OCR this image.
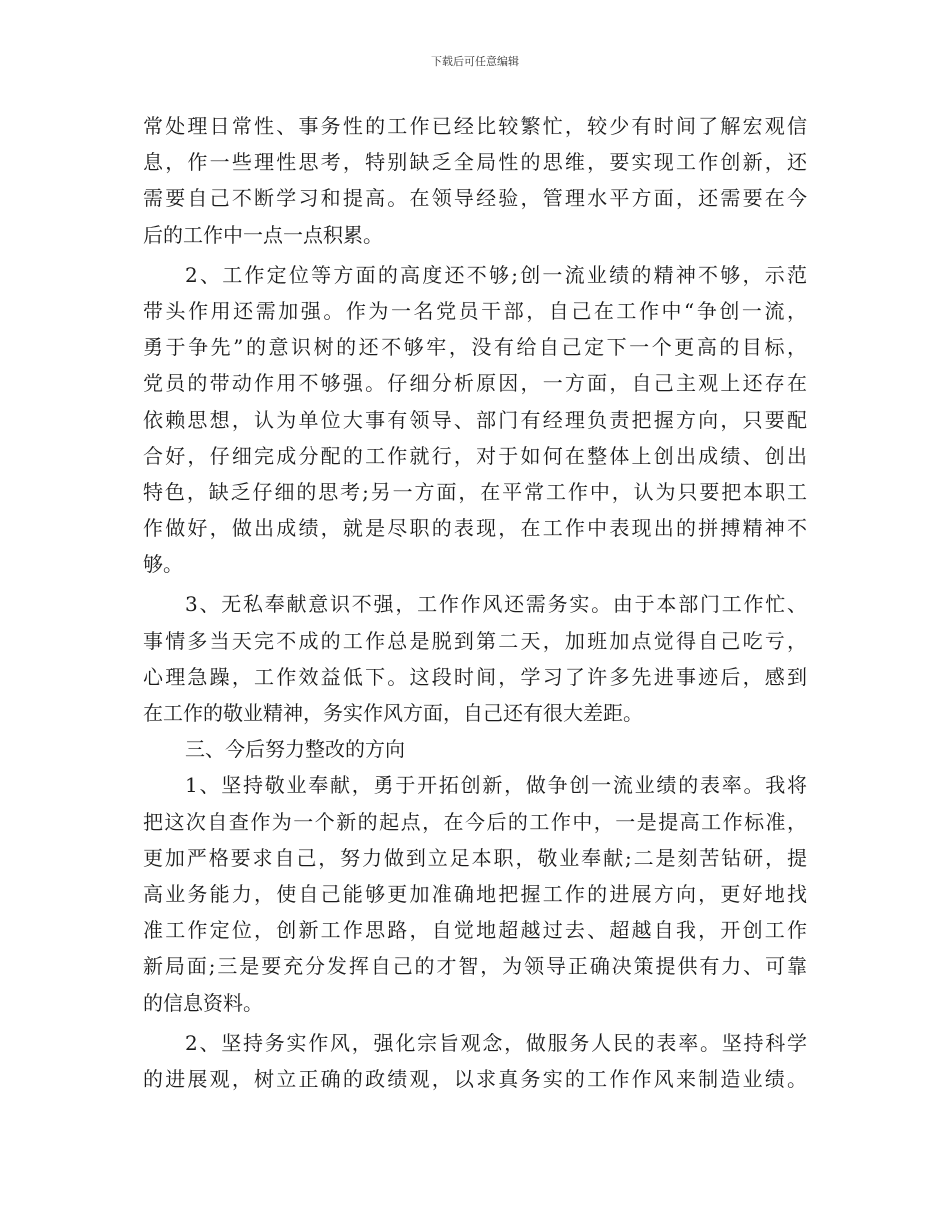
下载后可任意编辑
常处理日常性、事务性的工作已经比较繁忙，较少有时间了解宏观信
息，作一些理性思考，特别缺乏全局性的思维，要实现工作创新，还
需要自己不断学习和提高。在领导经验，管理水平方面，还需要在今
后的工作中一点一点积累。
2、工作定位等方面的高度还不够;创一流业绩的精神不够，示范
带头作用还需加强。作为一名党员干部，自己在工作中“争创一流，
勇于争先”的意识树的还不够牢，没有给自己定下一个更高的目标，
党员的带动作用不够强。仔细分析原因，一方面，自己主观上还存在
依赖思想，认为单位大事有领导、部门有经理负责把握方向，只要配
合好，仔细完成分配的工作就行，对于如何在整体上创出成绩、创出
特色，缺乏仔细的思考;另一方面，在平常工作中，认为只要把本职工
作做好，做出成绩，就是尽职的表现，在工作中表现出的拼搏精神不
够。
3、无私奉献意识不强，工作作风还需务实。由于本部门工作忙、
事情多当天完不成的工作总是脱到第二天，加班加点觉得自己吃亏，
心理急躁，工作效益低下。这段时间，学习了许多先进事迹后，感到
在工作的敬业精神，务实作风方面，自己还有很大差距。
三、今后努力整改的方向
1、坚持敬业奉献，勇于开拓创新，做争创一流业绩的表率。我将
把这次自查作为一个新的起点，在今后的工作中，一是提高工作标准，
更加严格要求自己，努力做到立足本职，敬业奉献;二是刻苦钻研，提
高业务能力，使自己能够更加准确地把握工作的进展方向，更好地找
准工作定位，创新工作思路，自觉地超越过去、超越自我，开创工作
新局面;三是要充分发挥自己的才智，为领导正确决策提供有力、可靠
的信息资料。
2、坚持务实作风，强化宗旨观念，做服务人民的表率。坚持科学
的进展观，树立正确的政绩观，以求真务实的工作作风来制造业绩。
